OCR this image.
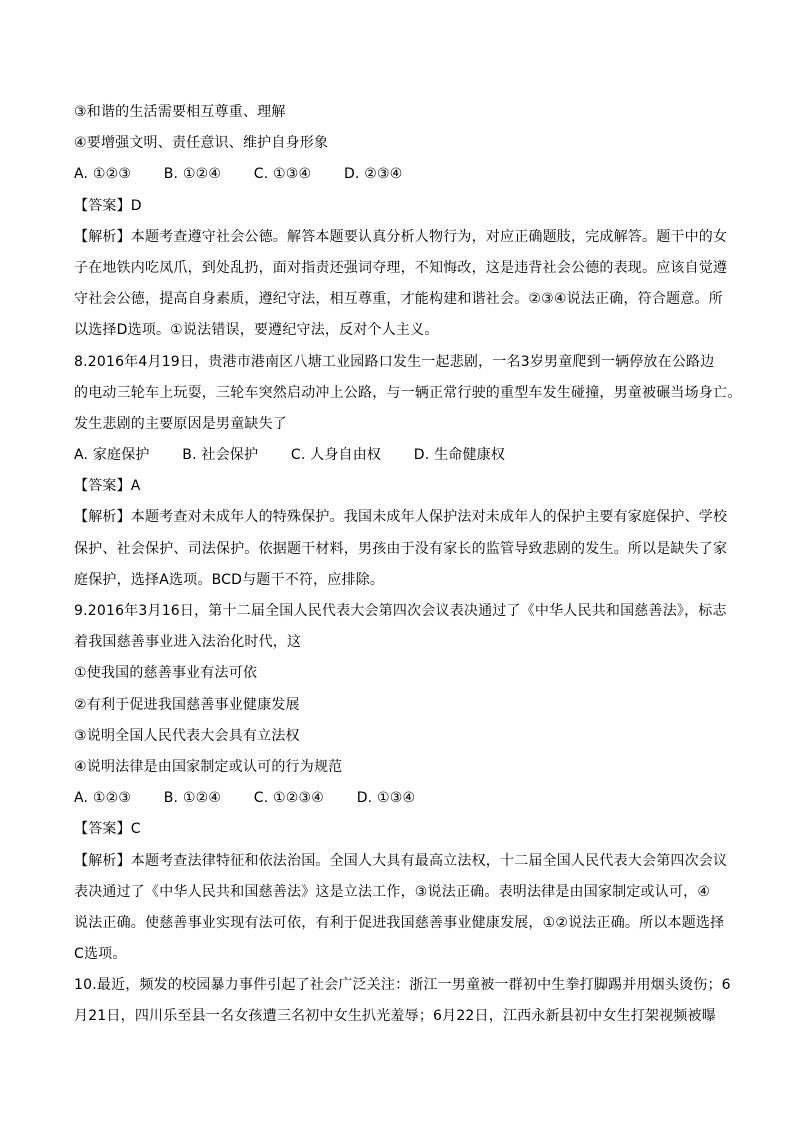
③和谐的生活需要相互尊重、理解
④要增强文明、责任意识、维护自身形象
A. ①②③ B. ①②④ C. ①③④ D. ②③④
【答案】D
【解析】本题考查遵守社会公德。解答本题要认真分析人物行为，对应正确题肢，完成解答。题干中的女
子在地铁内吃凤爪，到处乱扔，面对指责还强词夺理，不知悔改，这是违背社会公德的表现。应该自觉遵
守社会公德，提高自身素质，遵纪守法，相互尊重，才能构建和谐社会。②③④说法正确，符合题意。所
以选择D选项。①说法错误，要遵纪守法，反对个人主义。
8.2016年4月19日，贵港市港南区八塘工业园路口发生一起悲剧，一名3岁男童爬到一辆停放在公路边
的电动三轮车上玩耍，三轮车突然启动冲上公路，与一辆正常行驶的重型车发生碰撞，男童被碾当场身亡。
发生悲剧的主要原因是男童缺失了
A. 家庭保护 B. 社会保护 C. 人身自由权 D. 生命健康权
【答案】A
【解析】本题考查对未成年人的特殊保护。我国未成年人保护法对未成年人的保护主要有家庭保护、学校
保护、社会保护、司法保护。依据题干材料，男孩由于没有家长的监管导致悲剧的发生。所以是缺失了家
庭保护，选择A选项。BCD与题干不符，应排除。
9.2016年3月16日，第十二届全国人民代表大会第四次会议表决通过了《中华人民共和国慈善法》，标志
着我国慈善事业进入法治化时代，这
①使我国的慈善事业有法可依
②有利于促进我国慈善事业健康发展
③说明全国人民代表大会具有立法权
④说明法律是由国家制定或认可的行为规范
A. ①②③ B. ①②④ C. ①②③④ D. ①③④
【答案】C
【解析】本题考查法律特征和依法治国。全国人大具有最高立法权，十二届全国人民代表大会第四次会议
表决通过了《中华人民共和国慈善法》这是立法工作，③说法正确。表明法律是由国家制定或认可，④
说法正确。使慈善事业实现有法可依，有利于促进我国慈善事业健康发展，①②说法正确。所以本题选择
C选项。
10.最近，频发的校园暴力事件引起了社会广泛关注：浙江一男童被一群初中生拳打脚踢并用烟头烫伤；6
月21日，四川乐至县一名女孩遭三名初中女生扒光羞辱；6月22日，江西永新县初中女生打架视频被曝
